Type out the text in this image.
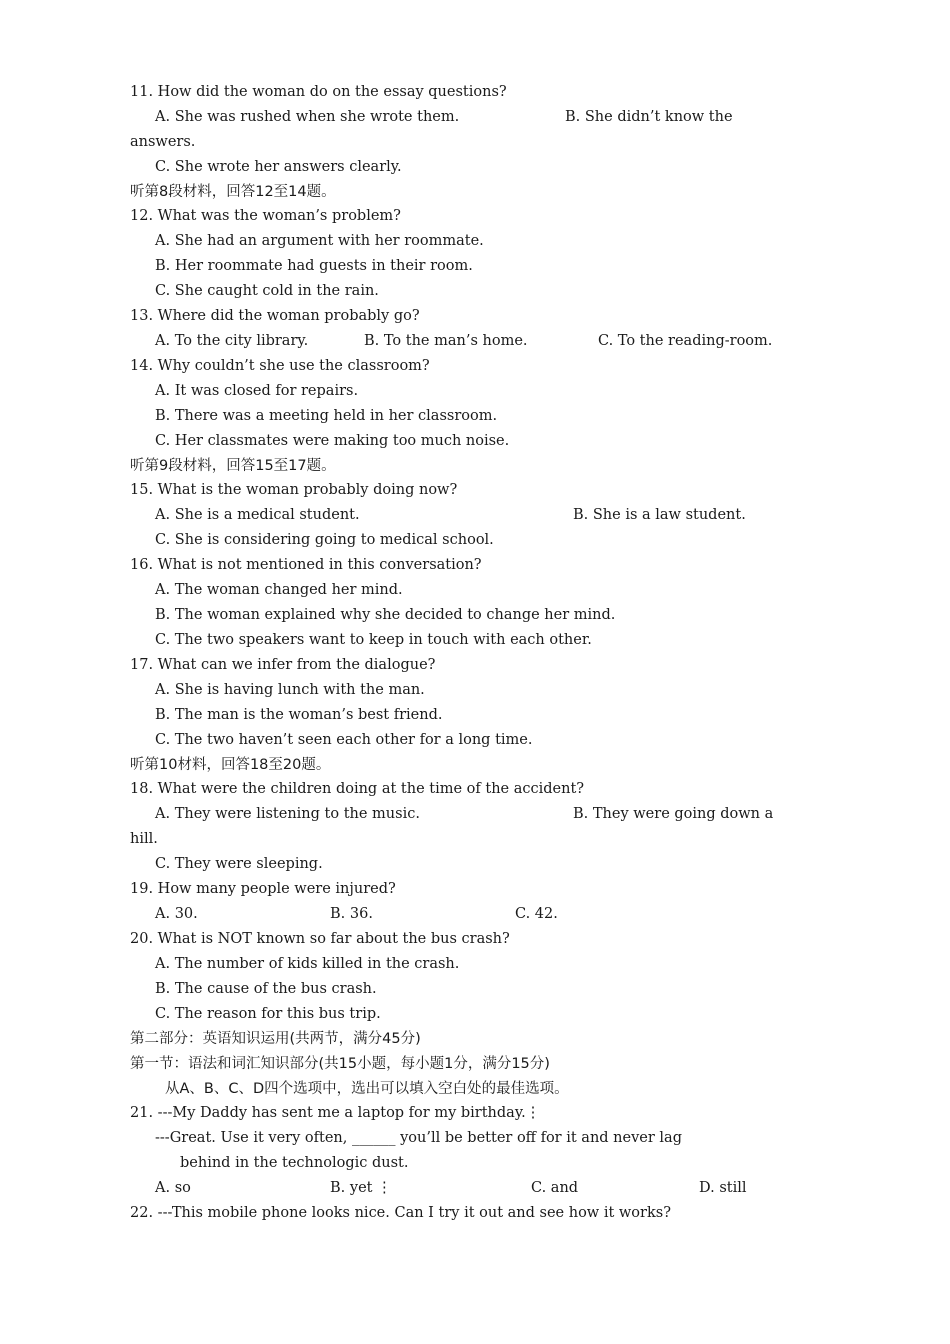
11. How did the woman do on the essay questions?
A. She was rushed when she wrote them.	B. She didn’t know the
answers.
C. She wrote her answers clearly.
听第8段材料，回答12至14题。
12. What was the woman’s problem?
A. She had an argument with her roommate.
B. Her roommate had guests in their room.
C. She caught cold in the rain.
13. Where did the woman probably go?
A. To the city library.	B. To the man’s home.	C. To the reading-room.
14. Why couldn’t she use the classroom?
A. It was closed for repairs.
B. There was a meeting held in her classroom.
C. Her classmates were making too much noise.
听第9段材料，回答15至17题。
15. What is the woman probably doing now?
A. She is a medical student.	B. She is a law student.
C. She is considering going to medical school.
16. What is not mentioned in this conversation?
A. The woman changed her mind.
B. The woman explained why she decided to change her mind.
C. The two speakers want to keep in touch with each other.
17. What can we infer from the dialogue?
A. She is having lunch with the man.
B. The man is the woman’s best friend.
C. The two haven’t seen each other for a long time.
听第10材料，回答18至20题。
18. What were the children doing at the time of the accident?
A. They were listening to the music.	B. They were going down a
hill.
C. They were sleeping.
19. How many people were injured?
A. 30.	B. 36.	C. 42.
20. What is NOT known so far about the bus crash?
A. The number of kids killed in the crash.
B. The cause of the bus crash.
C. The reason for this bus trip.
第二部分：英语知识运用(共两节，满分45分)
第一节：语法和词汇知识部分(共15小题，每小题1分，满分15分)
从A、B、C、D四个选项中，选出可以填入空白处的最佳选项。
21. ---My Daddy has sent me a laptop for my birthday.⋮
---Great. Use it very often, ______ you’ll be better off for it and never lag
behind in the technologic dust.
A. so	B. yet ⋮	C. and	D. still
22. ---This mobile phone looks nice. Can I try it out and see how it works?
